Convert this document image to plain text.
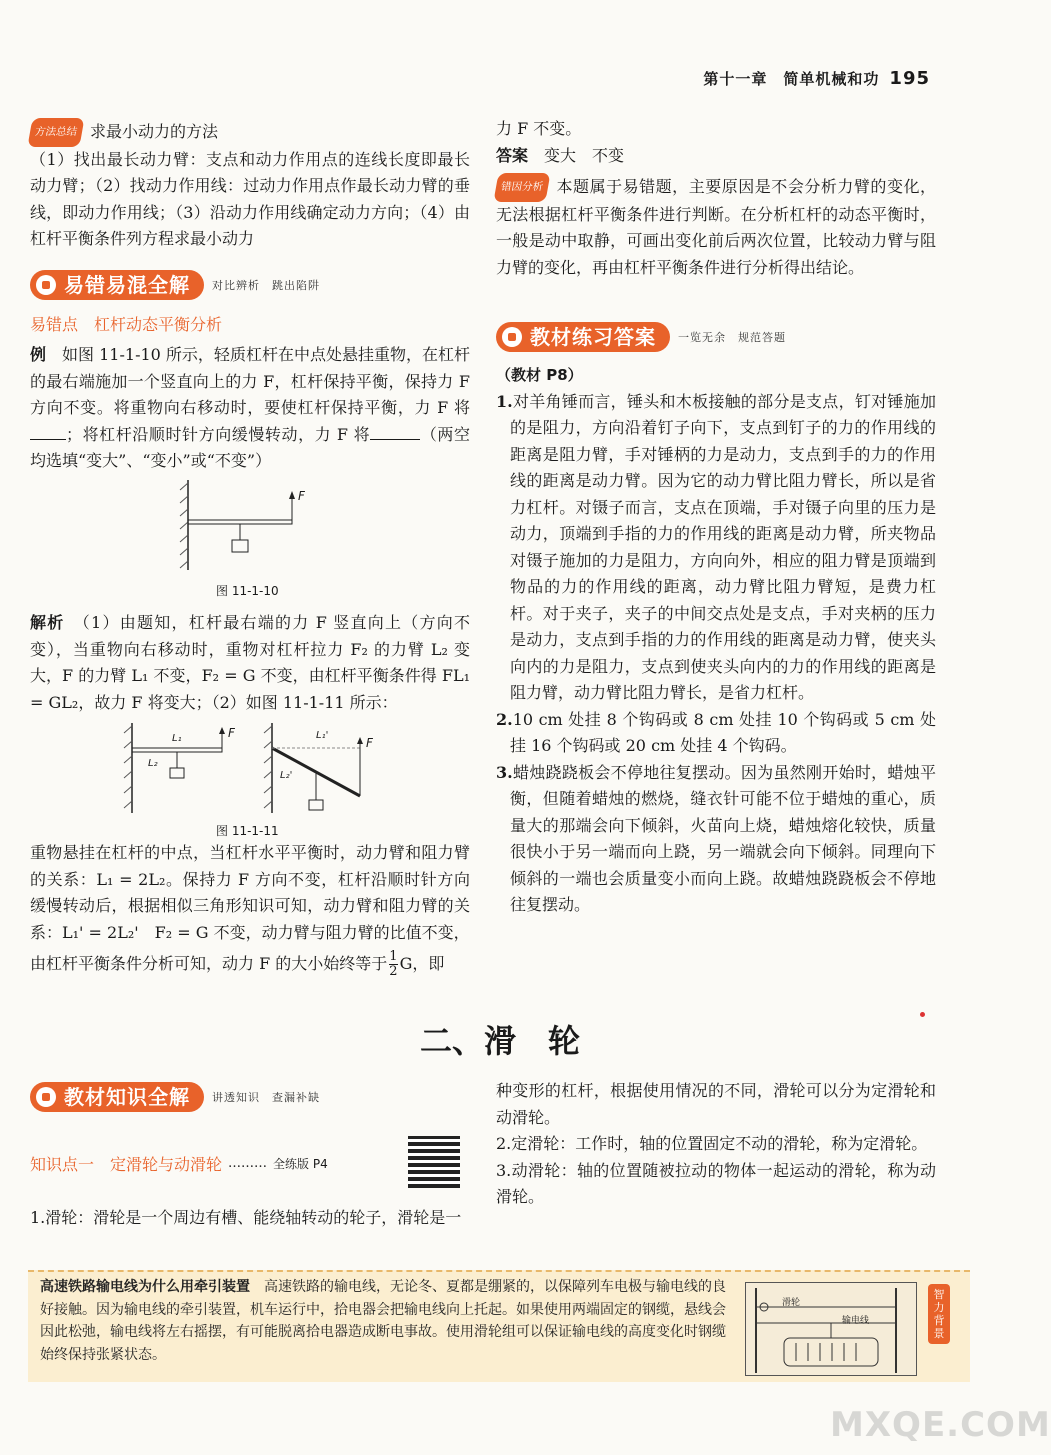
第十一章　简单机械和功 195

方法总结 求最小动力的方法

（1）找出最长动力臂：支点和动力作用点的连线长度即最长动力臂；（2）找动力作用线：过动力作用点作最长动力臂的垂线，即动力作用线；（3）沿动力作用线确定动力方向；（4）由杠杆平衡条件列方程求最小动力

易错易混全解	对比辨析　跳出陷阱
易错点　杠杆动态平衡分析

例　 如图 11-1-10 所示，轻质杠杆在中点处悬挂重物，在杠杆的最右端施加一个竖直向上的力 F，杠杆保持平衡，保持力 F 方向不变。将重物向右移动时，要使杠杆保持平衡，力 F 将；将杠杆沿顺时针方向缓慢转动，力 F 将	（两空均选填“变大”、“变小”或“不变”）

F
图 11-1-10

解析　 （1）由题知，杠杆最右端的力 F 竖直向上（方向不变），当重物向右移动时，重物对杠杆拉力 F₂ 的力臂 L₂ 变大，F 的力臂 L₁ 不变，F₂ = G 不变，由杠杆平衡条件得 FL₁ = GL₂，故力 F 将变大；（2）如图 11-1-11 所示：

L₁
L₂
F	L₁'
L₂'
F
图 11-1-11

重物悬挂在杠杆的中点，当杠杆水平平衡时，动力臂和阻力臂的关系：L₁ = 2L₂。保持力 F 方向不变，杠杆沿顺时针方向缓慢转动后，根据相似三角形知识可知，动力臂和阻力臂的关系：L₁' = 2L₂'　F₂ = G 不变，动力臂与阻力臂的比值不变，

由杠杆平衡条件分析可知，动力 F 的大小始终等于 $\frac{1}{2}$ G，即

力 F 不变。

答案　 变大　不变

错因分析 本题属于易错题，主要原因是不会分析力臂的变化，无法根据杠杆平衡条件进行判断。在分析杠杆的动态平衡时，一般是动中取静，可画出变化前后两次位置，比较动力臂与阻力臂的变化，再由杠杆平衡条件进行分析得出结论。

教材练习答案	一览无余　规范答题

（教材 P8）

1.对羊角锤而言，锤头和木板接触的部分是支点，钉对锤施加的是阻力，方向沿着钉子向下，支点到钉子的力的作用线的距离是阻力臂，手对锤柄的力是动力，支点到手的力的作用线的距离是动力臂。因为它的动力臂比阻力臂长，所以是省力杠杆。对镊子而言，支点在顶端，手对镊子向里的压力是动力，顶端到手指的力的作用线的距离是动力臂，所夹物品对镊子施加的力是阻力，方向向外，相应的阻力臂是顶端到物品的力的作用线的距离，动力臂比阻力臂短，是费力杠杆。对于夹子，夹子的中间交点处是支点，手对夹柄的压力是动力，支点到手指的力的作用线的距离是动力臂，使夹头向内的力是阻力，支点到使夹头向内的力的作用线的距离是阻力臂，动力臂比阻力臂长，是省力杠杆。

2.10 cm 处挂 8 个钩码或 8 cm 处挂 10 个钩码或 5 cm 处挂 16 个钩码或 20 cm 处挂 4 个钩码。

3.蜡烛跷跷板会不停地往复摆动。因为虽然刚开始时，蜡烛平衡，但随着蜡烛的燃烧，缝衣针可能不位于蜡烛的重心，质量大的那端会向下倾斜，火苗向上烧，蜡烛熔化较快，质量很快小于另一端而向上跷，另一端就会向下倾斜。同理向下倾斜的一端也会质量变小而向上跷。故蜡烛跷跷板会不停地往复摆动。

二、滑　轮
教材知识全解	讲透知识　查漏补缺
知识点一　定滑轮与动滑轮 ……… 全练版 P4

1.滑轮：滑轮是一个周边有槽、能绕轴转动的轮子，滑轮是一

种变形的杠杆，根据使用情况的不同，滑轮可以分为定滑轮和动滑轮。

2.定滑轮：工作时，轴的位置固定不动的滑轮，称为定滑轮。

3.动滑轮：轴的位置随被拉动的物体一起运动的滑轮，称为动滑轮。

高速铁路输电线为什么用牵引装置　 高速铁路的输电线，无论冬、夏都是绷紧的，以保障列车电极与输电线的良好接触。因为输电线的牵引装置，机车运行中，拾电器会把输电线向上托起。如果使用两端固定的钢缆，悬线会因此松弛，输电线将左右摇摆，有可能脱离拾电器造成断电事故。使用滑轮组可以保证输电线的高度变化时钢缆始终保持张紧状态。

滑轮
输电线
智力背景
MXQE.COM
